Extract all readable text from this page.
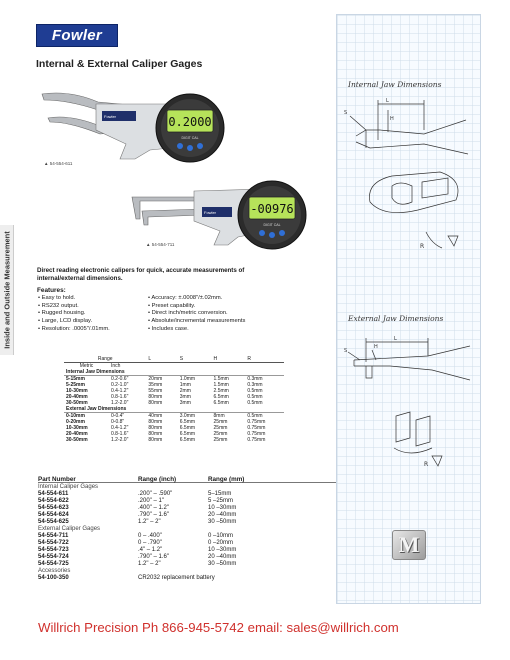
Fowler
Internal & External Caliper Gages
Inside and Outside Measurement
Fowler	0.2000
DIGIT CAL
▲ 54-554-611
Fowler	-00976
DIGIT CAL
▲ 54-554-711
Direct reading electronic calipers for quick, accurate measurements of internal/external dimensions.
Features:
• Easy to hold.
• RS232 output.
• Rugged housing.
• Large, LCD display.
• Resolution: .0005"/.01mm.
• Accuracy: ±.0008"/±.02mm.
• Preset capability.
• Direct inch/metric conversion.
• Absolute/incremental measurements
• Includes case.
Range		L	S	H	R
Metric	Inch				
Internal Jaw Dimensions					
5-15mm	0.2-0.6"	20mm	1.0mm	1.5mm	0.3mm
5-25mm	0.2-1.0"	35mm	1mm	1.5mm	0.3mm
10-30mm	0.4-1.2"	55mm	2mm	2.5mm	0.5mm
20-40mm	0.8-1.6"	80mm	3mm	6.5mm	0.5mm
30-50mm	1.2-2.0"	80mm	3mm	6.5mm	0.5mm
External Jaw Dimensions					
0-10mm	0-0.4"	40mm	3.0mm	8mm	0.5mm
0-20mm	0-0.8"	80mm	6.5mm	25mm	0.75mm
10-30mm	0.4-1.2"	80mm	6.5mm	25mm	0.75mm
20-40mm	0.8-1.6"	80mm	6.5mm	25mm	0.75mm
30-50mm	1.2-2.0"	80mm	6.5mm	25mm	0.75mm
Part Number	Range (inch)	Range (mm)
Internal Caliper Gages
54-554-611	.200" – .590"	5–15mm
54-554-622	.200" – 1"	5 –25mm
54-554-623	.400" – 1.2"	10 –30mm
54-554-624	.790" – 1.6"	20 –40mm
54-554-625	1.2" – 2"	30 –50mm
External Caliper Gages
54-554-711	0 – .400"	0 –10mm
54-554-722	0 – .790"	0 –20mm
54-554-723	.4" – 1.2"	10 –30mm
54-554-724	.790" – 1.6"	20 –40mm
54-554-725	1.2" – 2"	30 –50mm
Accessories
54-100-350	CR2032 replacement battery
Internal Jaw Dimensions
External Jaw Dimensions
L
S
H
R
L
S
H
R
M
Willrich Precision Ph 866-945-5742 email: sales@willrich.com
